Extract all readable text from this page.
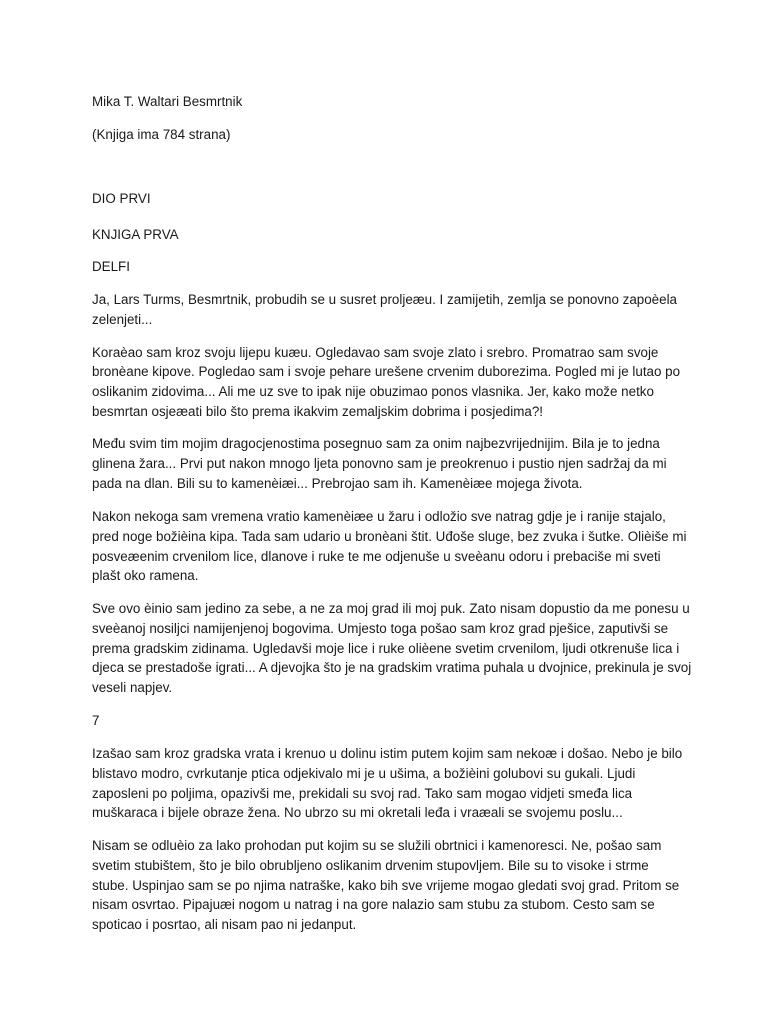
Mika T. Waltari Besmrtnik

(Knjiga ima 784 strana)

DIO PRVI

KNJIGA PRVA

DELFI

Ja, Lars Turms, Besmrtnik, probudih se u susret proljeæu. I zamijetih, zemlja se ponovno zapoèela

zelenjeti...

Koraèao sam kroz svoju lijepu kuæu. Ogledavao sam svoje zlato i srebro. Promatrao sam svoje

bronèane kipove. Pogledao sam i svoje pehare urešene crvenim duborezima. Pogled mi je lutao po

oslikanim zidovima... Ali me uz sve to ipak nije obuzimao ponos vlasnika. Jer, kako može netko

besmrtan osjeæati bilo što prema ikakvim zemaljskim dobrima i posjedima?!

Među svim tim mojim dragocjenostima posegnuo sam za onim najbezvrijednijim. Bila je to jedna

glinena žara... Prvi put nakon mnogo ljeta ponovno sam je preokrenuo i pustio njen sadržaj da mi

pada na dlan. Bili su to kamenèiæi... Prebrojao sam ih. Kamenèiæe mojega života.

Nakon nekoga sam vremena vratio kamenèiæe u žaru i odložio sve natrag gdje je i ranije stajalo,

pred noge božièina kipa. Tada sam udario u bronèani štit. Uđoše sluge, bez zvuka i šutke. Olièiše mi

posveæenim crvenilom lice, dlanove i ruke te me odjenuše u sveèanu odoru i prebaciše mi sveti

plašt oko ramena.

Sve ovo èinio sam jedino za sebe, a ne za moj grad ili moj puk. Zato nisam dopustio da me ponesu u

sveèanoj nosiljci namijenjenoj bogovima. Umjesto toga pošao sam kroz grad pješice, zaputivši se

prema gradskim zidinama. Ugledavši moje lice i ruke olièene svetim crvenilom, ljudi otkrenuše lica i

djeca se prestadoše igrati... A djevojka što je na gradskim vratima puhala u dvojnice, prekinula je svoj

veseli napjev.

7

Izašao sam kroz gradska vrata i krenuo u dolinu istim putem kojim sam nekoæ i došao. Nebo je bilo

blistavo modro, cvrkutanje ptica odjekivalo mi je u ušima, a božièini golubovi su gukali. Ljudi

zaposleni po poljima, opazivši me, prekidali su svoj rad. Tako sam mogao vidjeti smeđa lica

muškaraca i bijele obraze žena. No ubrzo su mi okretali leđa i vraæali se svojemu poslu...

Nisam se odluèio za lako prohodan put kojim su se služili obrtnici i kamenoresci. Ne, pošao sam

svetim stubištem, što je bilo obrubljeno oslikanim drvenim stupovljem. Bile su to visoke i strme

stube. Uspinjao sam se po njima natraške, kako bih sve vrijeme mogao gledati svoj grad. Pritom se

nisam osvrtao. Pipajuæi nogom u natrag i na gore nalazio sam stubu za stubom. Cesto sam se

spoticao i posrtao, ali nisam pao ni jedanput.
